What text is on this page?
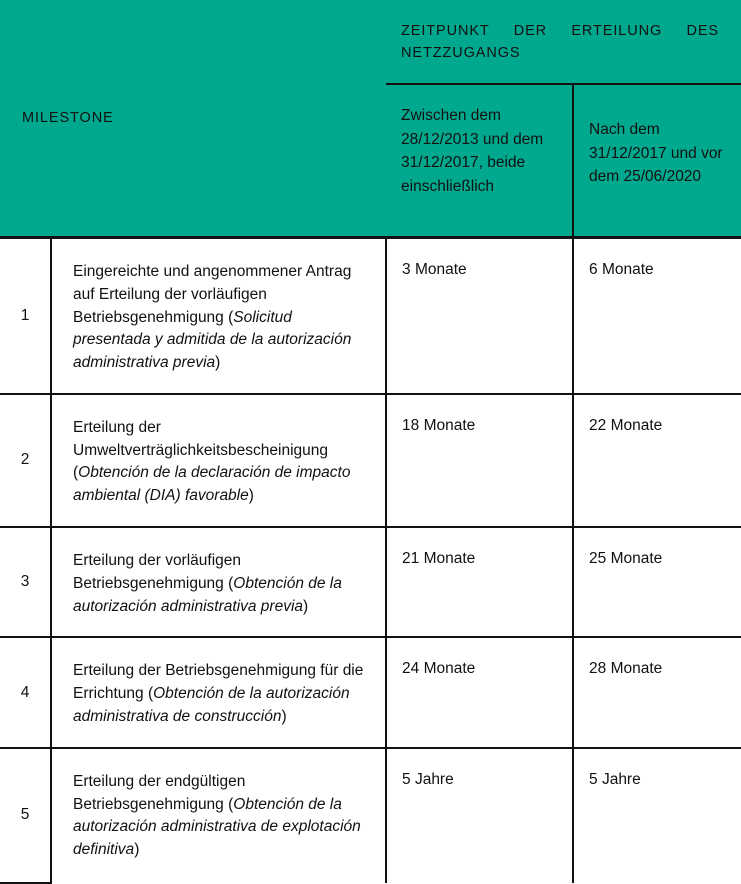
MILESTONE		ZEITPUNKT DER ERTEILUNG DES NETZZUGANGS	

		Zwischen dem 28/12/2013 und dem 31/12/2017, beide einschließlich	Nach dem 31/12/2017 und vor dem 25/06/2020

1	Eingereichte und angenommener Antrag auf Erteilung der vorläufigen Betriebsgenehmigung (Solicitud presentada y admitida de la autorización administrativa previa)	3 Monate	6 Monate
2	Erteilung der Umweltverträglichkeitsbescheinigung (Obtención de la declaración de impacto ambiental (DIA) favorable)	18 Monate	22 Monate
3	Erteilung der vorläufigen Betriebsgenehmigung (Obtención de la autorización administrativa previa)	21 Monate	25 Monate
4	Erteilung der Betriebsgenehmigung für die Errichtung (Obtención de la autorización administrativa de construcción)	24 Monate	28 Monate
5	Erteilung der endgültigen Betriebsgenehmigung (Obtención de la autorización administrativa de explotación definitiva)	5 Jahre	5 Jahre
